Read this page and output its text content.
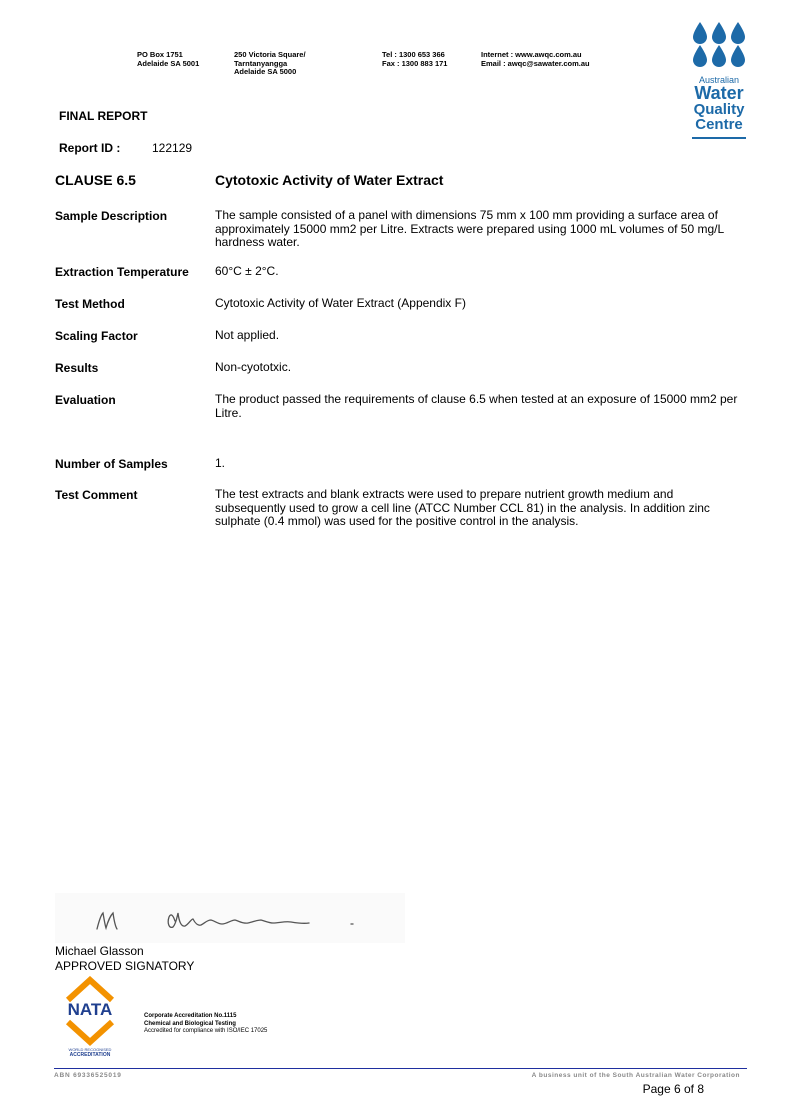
PO Box 1751
Adelaide SA 5001
250 Victoria Square/
Tarntanyangga
Adelaide SA 5000
Tel : 1300 653 366
Fax : 1300 883 171
Internet : www.awqc.com.au
Email : awqc@sawater.com.au
Australian
Water
Quality
Centre
FINAL REPORT
Report ID :	122129
CLAUSE 6.5	Cytotoxic Activity of Water Extract
Sample Description	The sample consisted of a panel with dimensions 75 mm x 100 mm providing a surface area of approximately 15000 mm2 per Litre. Extracts were prepared using 1000 mL volumes of 50 mg/L hardness water.
Extraction Temperature 60°C ± 2°C.
Test Method	Cytotoxic Activity of Water Extract (Appendix F)
Scaling Factor	Not applied.
Results	Non-cyototxic.
Evaluation	The product passed the requirements of clause 6.5 when tested at an exposure of 15000 mm2 per Litre.
Number of Samples	1.
Test Comment	The test extracts and blank extracts were used to prepare nutrient growth medium and subsequently used to grow a cell line (ATCC Number CCL 81) in the analysis. In addition zinc sulphate (0.4 mmol) was used for the positive control in the analysis.
Michael Glasson
APPROVED SIGNATORY
NATA
WORLD RECOGNISED
ACCREDITATION
Corporate Accreditation No.1115
Chemical and Biological Testing
Accredited for compliance with ISO/IEC 17025
ABN 69336525019	A business unit of the South Australian Water Corporation
Page 6 of 8
